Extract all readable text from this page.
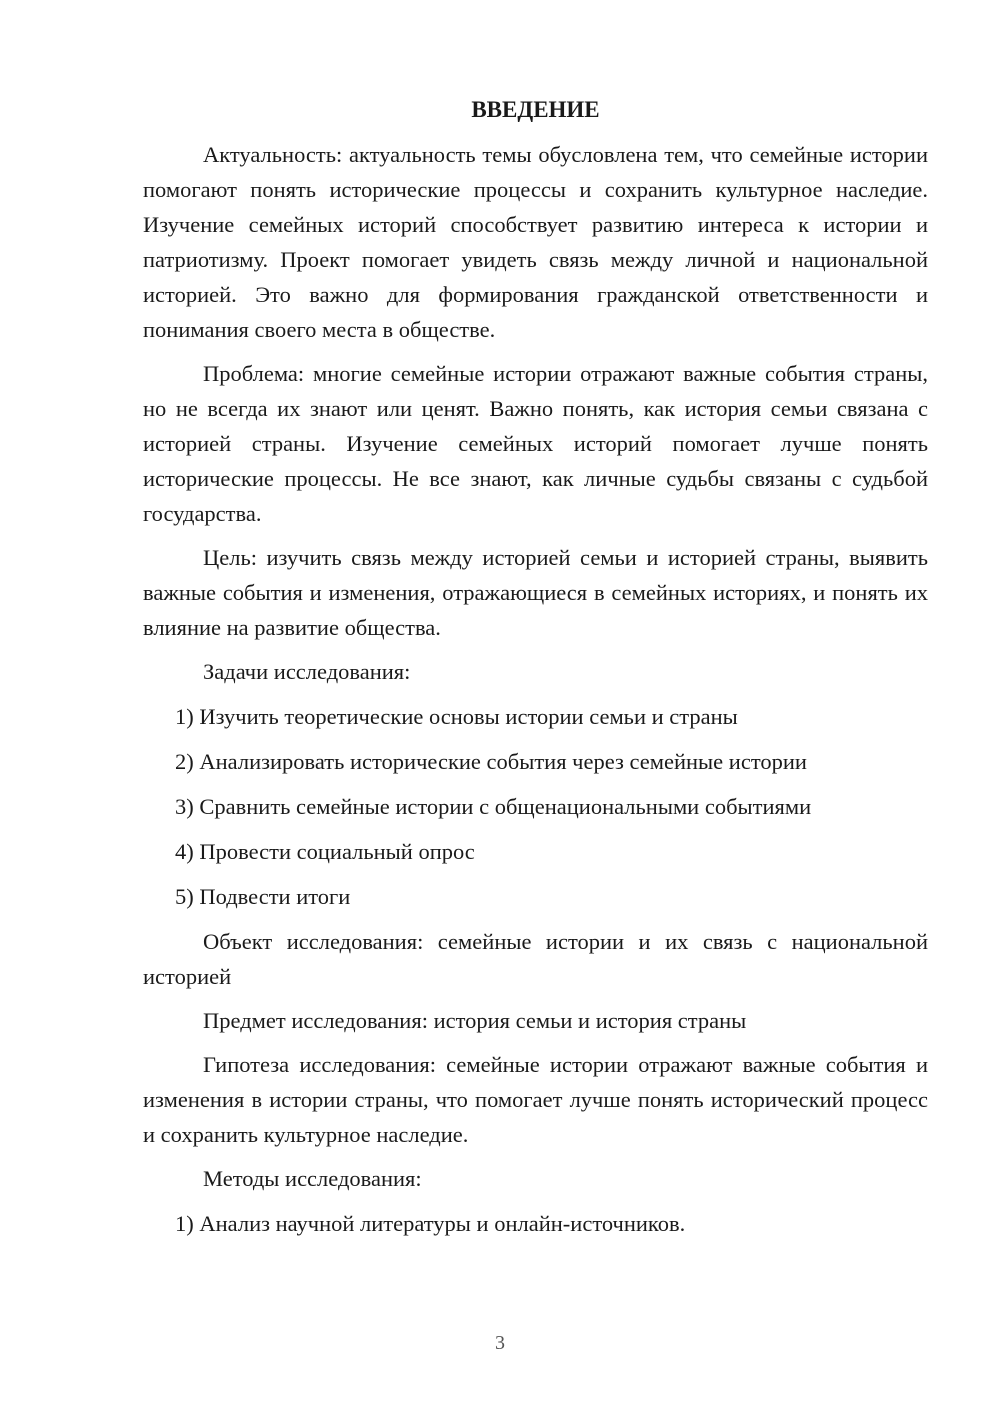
ВВЕДЕНИЕ

Актуальность: актуальность темы обусловлена тем, что семейные истории помогают понять исторические процессы и сохранить культурное наследие. Изучение семейных историй способствует развитию интереса к истории и патриотизму. Проект помогает увидеть связь между личной и национальной историей. Это важно для формирования гражданской ответственности и понимания своего места в обществе.

Проблема: многие семейные истории отражают важные события страны, но не всегда их знают или ценят. Важно понять, как история семьи связана с историей страны. Изучение семейных историй помогает лучше понять исторические процессы. Не все знают, как личные судьбы связаны с судьбой государства.

Цель: изучить связь между историей семьи и историей страны, выявить важные события и изменения, отражающиеся в семейных историях, и понять их влияние на развитие общества.

Задачи исследования:
1) Изучить теоретические основы истории семьи и страны
2) Анализировать исторические события через семейные истории
3) Сравнить семейные истории с общенациональными событиями
4) Провести социальный опрос
5) Подвести итоги

Объект исследования: семейные истории и их связь с национальной историей

Предмет исследования: история семьи и история страны

Гипотеза исследования: семейные истории отражают важные события и изменения в истории страны, что помогает лучше понять исторический процесс и сохранить культурное наследие.

Методы исследования:
1) Анализ научной литературы и онлайн-источников.
3
